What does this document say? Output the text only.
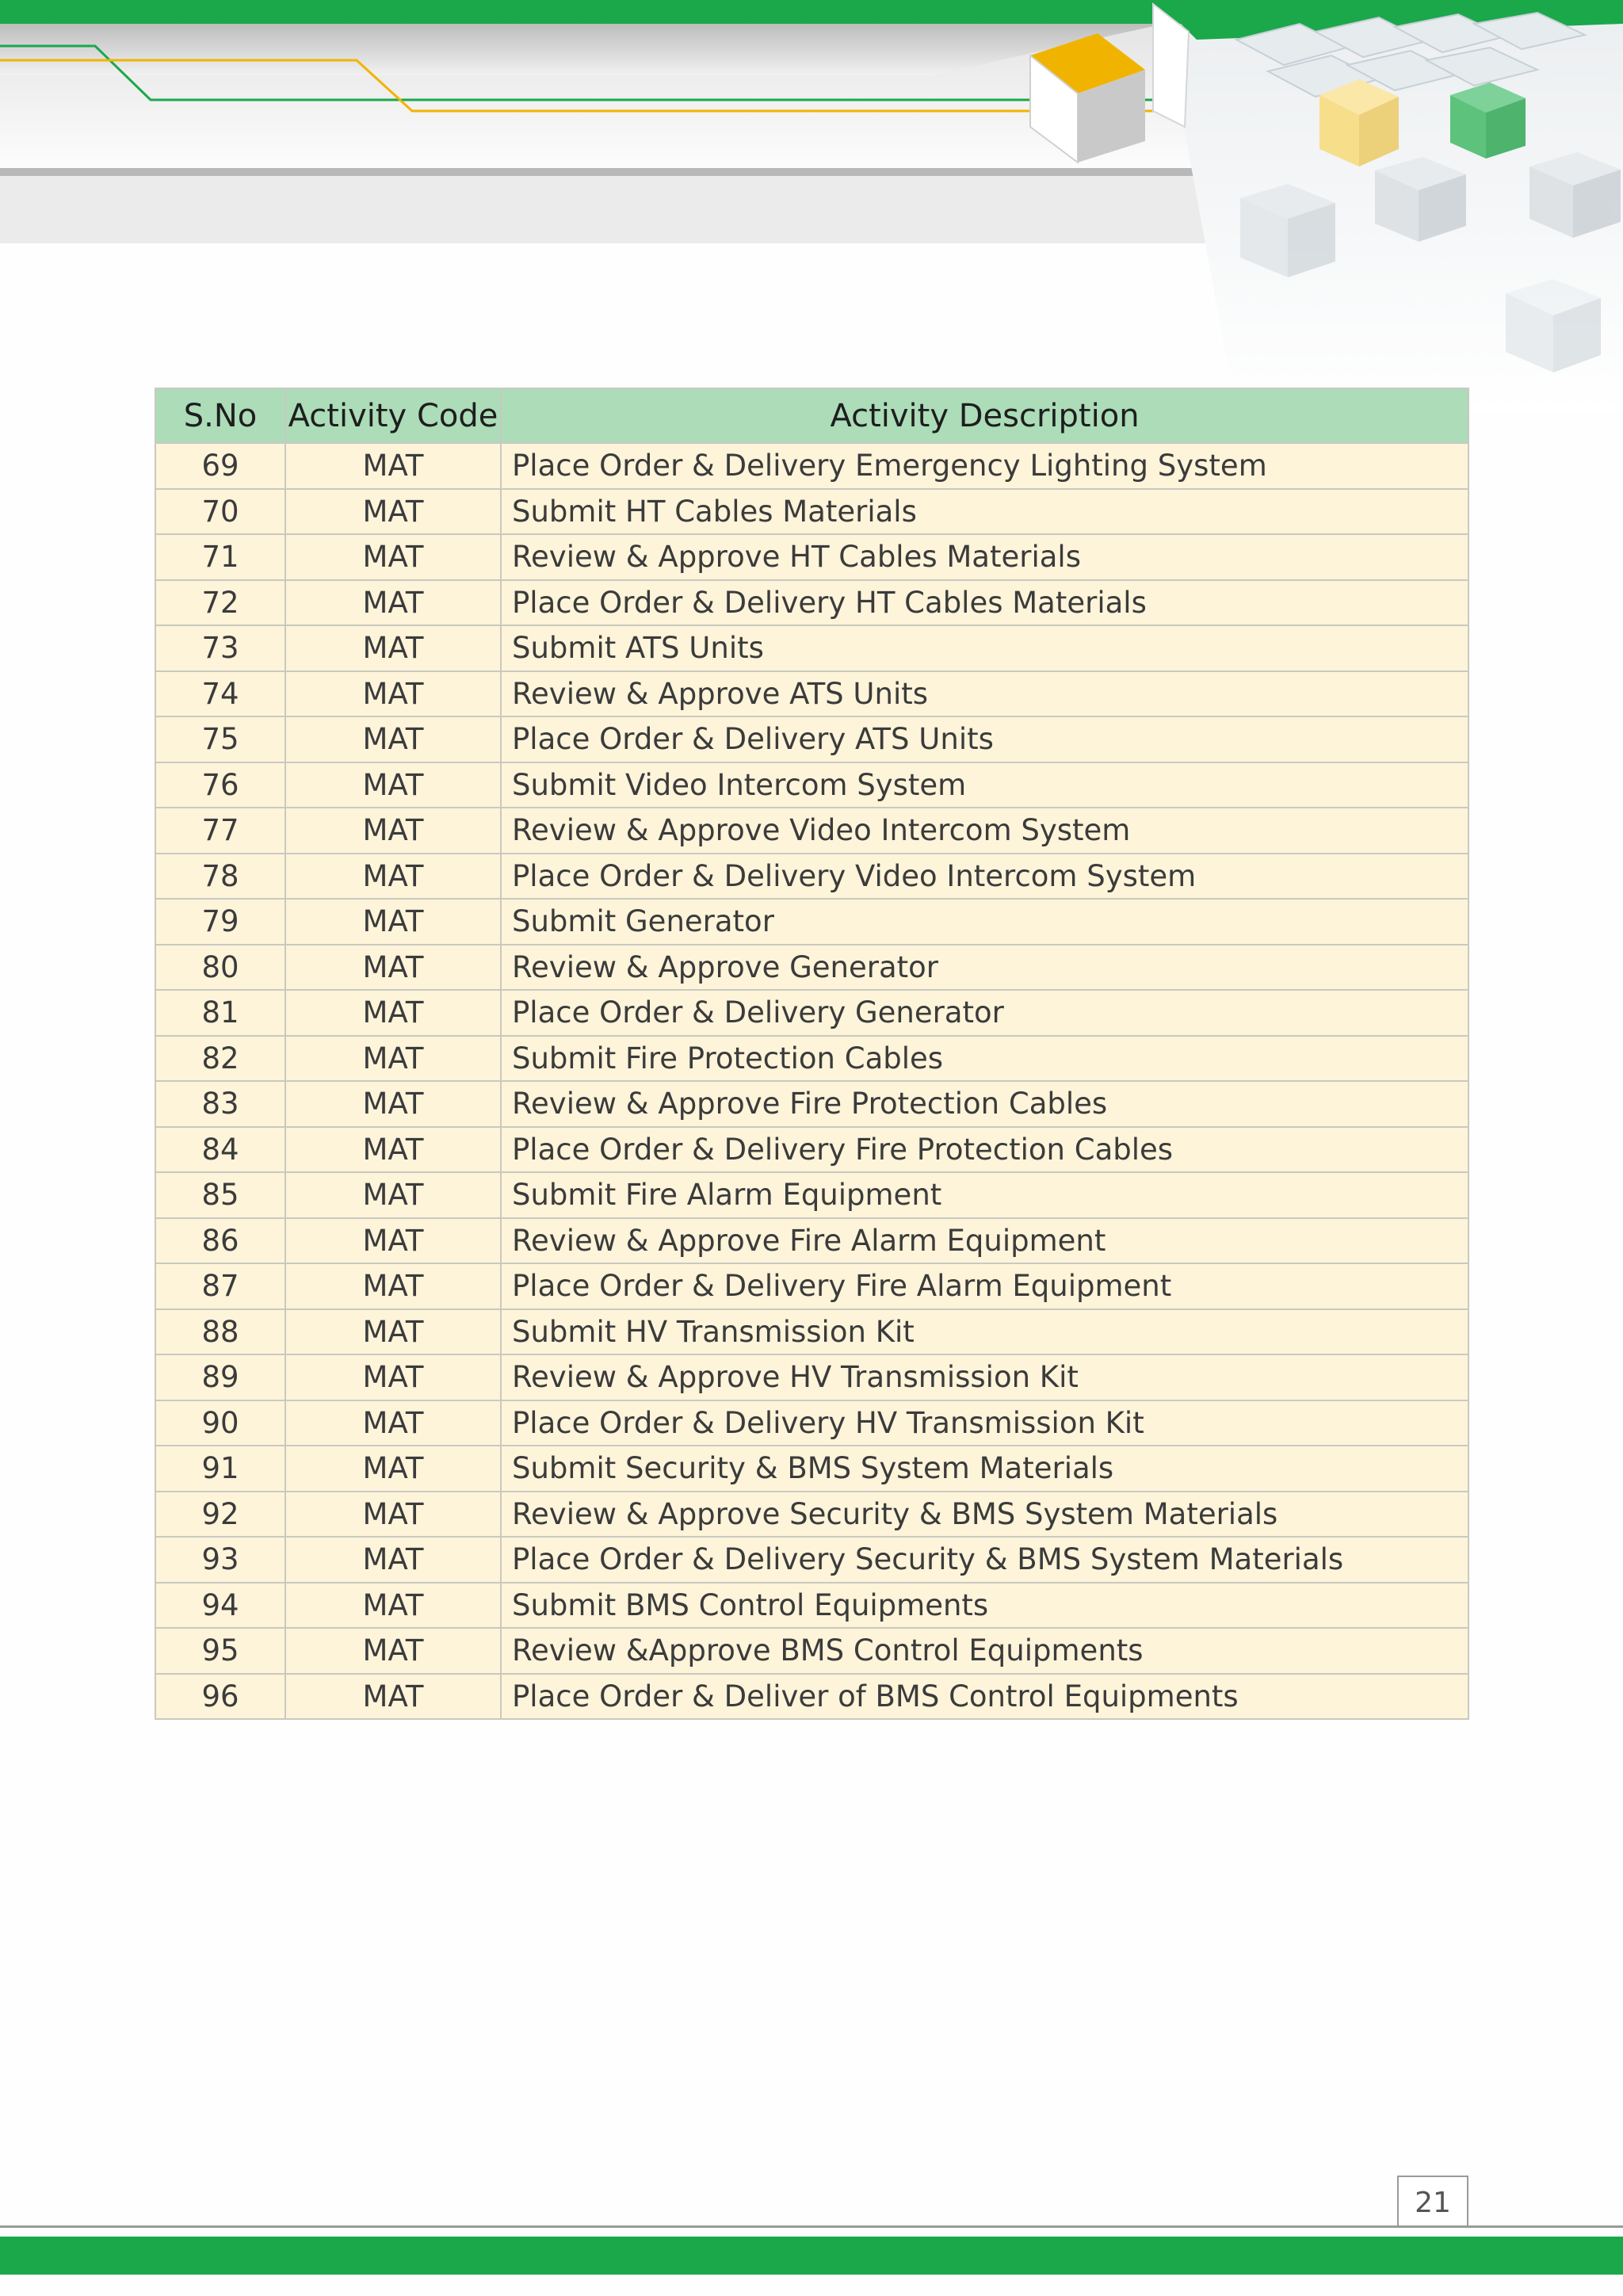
S.No	Activity Code	Activity Description
69	MAT	Place Order & Delivery Emergency Lighting System
70	MAT	Submit HT Cables Materials
71	MAT	Review & Approve HT Cables Materials
72	MAT	Place Order & Delivery HT Cables Materials
73	MAT	Submit ATS Units
74	MAT	Review & Approve ATS Units
75	MAT	Place Order & Delivery ATS Units
76	MAT	Submit Video Intercom System
77	MAT	Review & Approve Video Intercom System
78	MAT	Place Order & Delivery Video Intercom System
79	MAT	Submit Generator
80	MAT	Review & Approve Generator
81	MAT	Place Order & Delivery Generator
82	MAT	Submit Fire Protection Cables
83	MAT	Review & Approve Fire Protection Cables
84	MAT	Place Order & Delivery Fire Protection Cables
85	MAT	Submit Fire Alarm Equipment
86	MAT	Review & Approve Fire Alarm Equipment
87	MAT	Place Order & Delivery Fire Alarm Equipment
88	MAT	Submit HV Transmission Kit
89	MAT	Review & Approve HV Transmission Kit
90	MAT	Place Order & Delivery HV Transmission Kit
91	MAT	Submit Security & BMS System Materials
92	MAT	Review & Approve Security & BMS System Materials
93	MAT	Place Order & Delivery Security & BMS System Materials
94	MAT	Submit BMS Control Equipments
95	MAT	Review &Approve BMS Control Equipments
96	MAT	Place Order & Deliver of BMS Control Equipments
21
